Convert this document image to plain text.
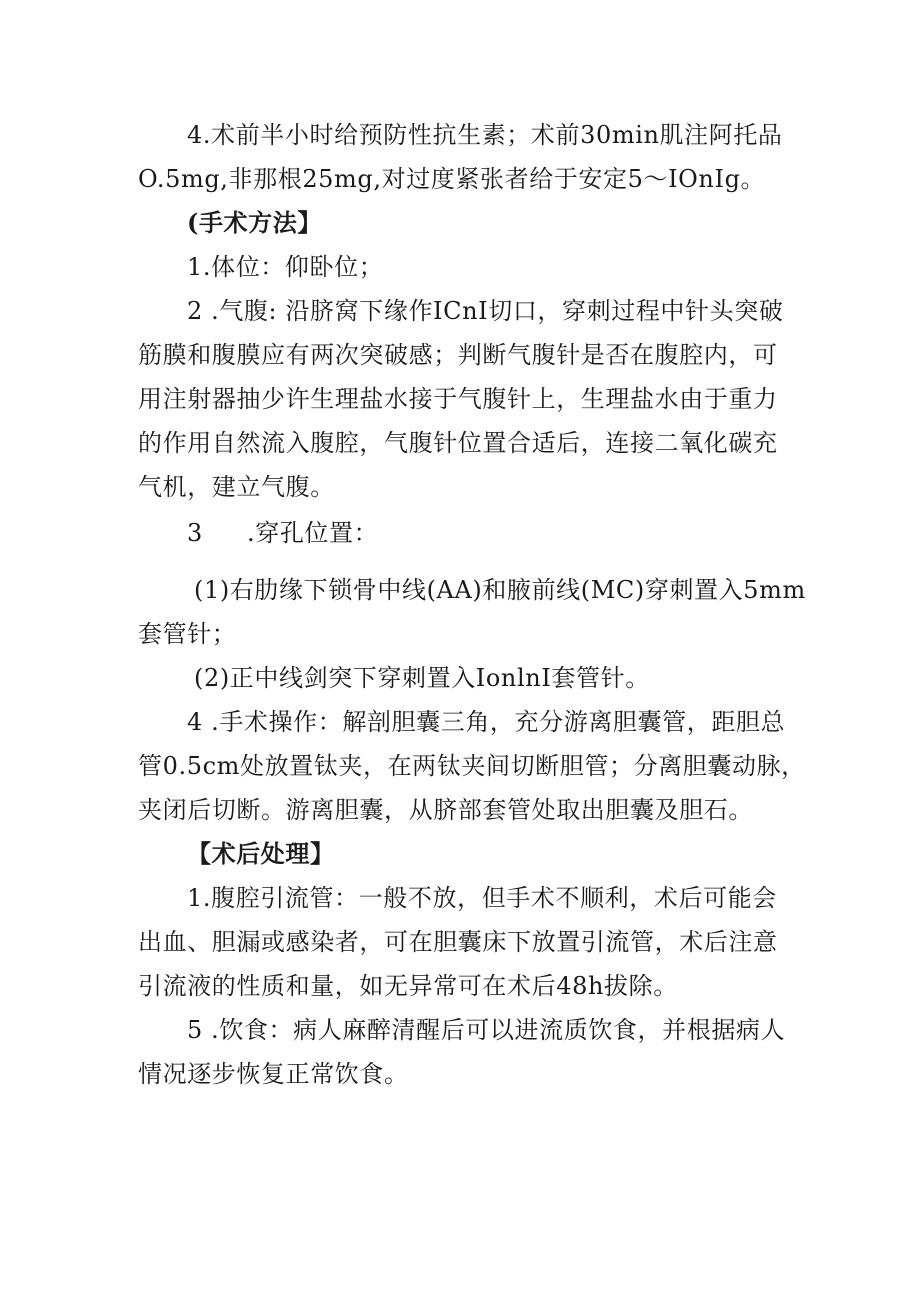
4.术前半小时给预防性抗生素；术前30min肌注阿托品
O.5mg,非那根25mg,对过度紧张者给于安定5～IOnIg。
(手术方法】
1.体位：仰卧位；
2 .气腹: 沿脐窝下缘作ICnI切口，穿刺过程中针头突破
筋膜和腹膜应有两次突破感；判断气腹针是否在腹腔内，可
用注射器抽少许生理盐水接于气腹针上，生理盐水由于重力
的作用自然流入腹腔，气腹针位置合适后，连接二氧化碳充
气机，建立气腹。
3 .穿孔位置：
(1)右肋缘下锁骨中线(AA)和腋前线(MC)穿刺置入5mm
套管针；
(2)正中线剑突下穿刺置入IonlnI套管针。
4 .手术操作：解剖胆囊三角，充分游离胆囊管，距胆总
管0.5cm处放置钛夹，在两钛夹间切断胆管；分离胆囊动脉，
夹闭后切断。游离胆囊，从脐部套管处取出胆囊及胆石。
【术后处理】
1.腹腔引流管：一般不放，但手术不顺利，术后可能会
出血、胆漏或感染者，可在胆囊床下放置引流管，术后注意
引流液的性质和量，如无异常可在术后48h拔除。
5 .饮食：病人麻醉清醒后可以进流质饮食，并根据病人
情况逐步恢复正常饮食。
